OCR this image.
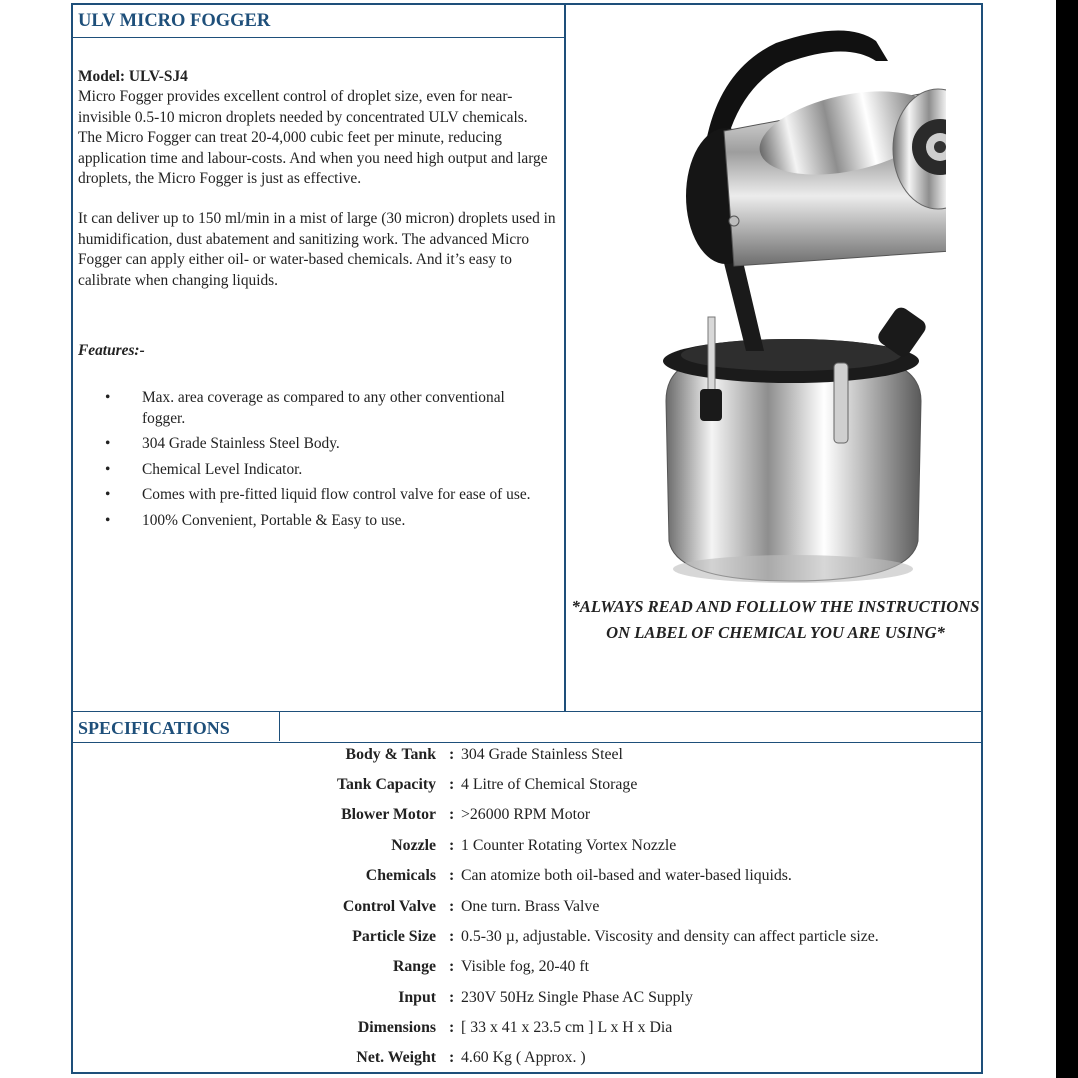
ULV MICRO FOGGER

Model: ULV-SJ4

Micro Fogger provides excellent control of droplet size, even for near-invisible 0.5-10 micron droplets needed by concentrated ULV chemicals.

The Micro Fogger can treat 20-4,000 cubic feet per minute, reducing application time and labour-costs. And when you need high output and large droplets, the Micro Fogger is just as effective.

It can deliver up to 150 ml/min in a mist of large (30 micron) droplets used in humidification, dust abatement and sanitizing work. The advanced Micro Fogger can apply either oil- or water-based chemicals. And it’s easy to calibrate when changing liquids.

Features:-
• Max. area coverage as compared to any other conventional fogger.
• 304 Grade Stainless Steel Body.
• Chemical Level Indicator.
• Comes with pre-fitted liquid flow control valve for ease of use.
• 100% Convenient, Portable & Easy to use.
*ALWAYS READ AND FOLLLOW THE INSTRUCTIONS ON LABEL OF CHEMICAL YOU ARE USING*
SPECIFICATIONS
Body & Tank : 304 Grade Stainless Steel
Tank Capacity : 4 Litre of Chemical Storage
Blower Motor : >26000 RPM Motor
Nozzle : 1 Counter Rotating Vortex Nozzle
Chemicals : Can atomize both oil-based and water-based liquids.
Control Valve : One turn. Brass Valve
Particle Size : 0.5-30 µ, adjustable. Viscosity and density can affect particle size.
Range : Visible fog, 20-40 ft
Input : 230V 50Hz Single Phase AC Supply
Dimensions : [ 33 x 41 x 23.5 cm ] L x H x Dia
Net. Weight : 4.60 Kg ( Approx. )
